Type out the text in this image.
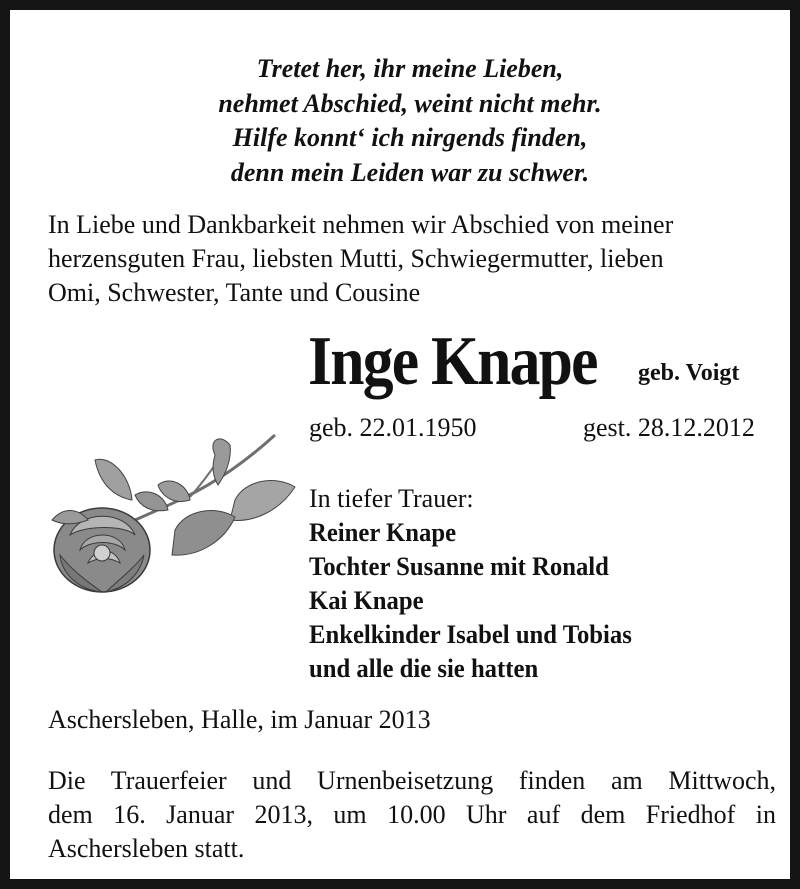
Tretet her, ihr meine Lieben,
nehmet Abschied, weint nicht mehr.
Hilfe konnt‘ ich nirgends finden,
denn mein Leiden war zu schwer.
In Liebe und Dankbarkeit nehmen wir Abschied von meiner
herzensguten Frau, liebsten Mutti, Schwiegermutter, lieben
Omi, Schwester, Tante und Cousine
Inge Knape	geb. Voigt
geb. 22.01.1950	gest. 28.12.2012
In tiefer Trauer:
Reiner Knape
Tochter Susanne mit Ronald
Kai Knape
Enkelkinder Isabel und Tobias
und alle die sie hatten
Aschersleben, Halle, im Januar 2013
Die Trauerfeier und Urnenbeisetzung finden am Mittwoch,
dem 16. Januar 2013, um 10.00 Uhr auf dem Friedhof in
Aschersleben statt.
